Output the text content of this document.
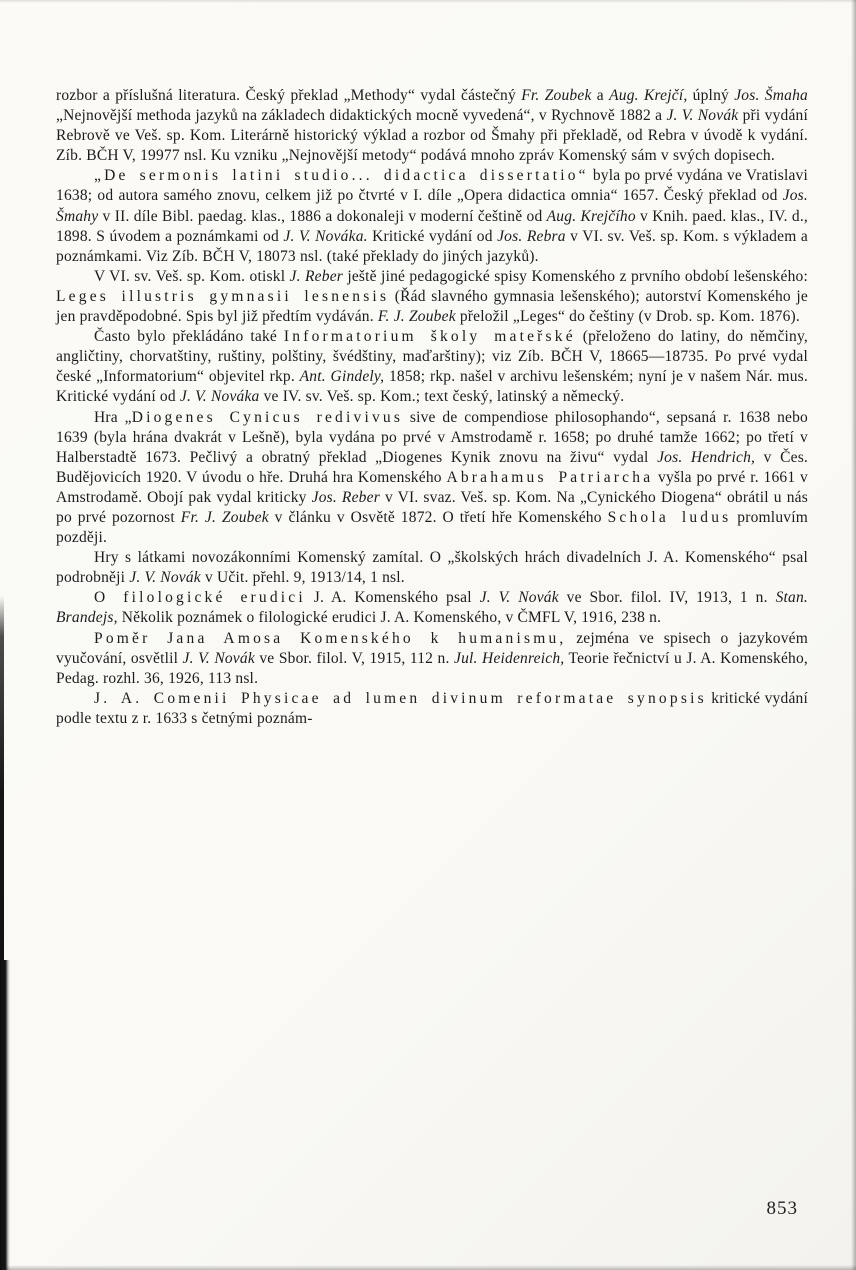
rozbor a příslušná literatura. Český překlad „Methody“ vydal částečný Fr. Zoubek a Aug. Krejčí, úplný Jos. Šmaha „Nejnovější methoda jazyků na základech didaktických mocně vyvedená“, v Rychnově 1882 a J. V. Novák při vydání Rebrově ve Veš. sp. Kom. Literárně historický výklad a rozbor od Šmahy při překladě, od Rebra v úvodě k vydání. Zíb. BČH V, 19977 nsl. Ku vzniku „Nejnovější metody“ podává mnoho zpráv Komenský sám v svých dopisech.

„De sermonis latini studio... didactica dissertatio“ byla po prvé vydána ve Vratislavi 1638; od autora samého znovu, celkem již po čtvrté v I. díle „Opera didactica omnia“ 1657. Český překlad od Jos. Šmahy v II. díle Bibl. paedag. klas., 1886 a dokonaleji v moderní češtině od Aug. Krejčího v Knih. paed. klas., IV. d., 1898. S úvodem a poznámkami od J. V. Nováka. Kritické vydání od Jos. Rebra v VI. sv. Veš. sp. Kom. s výkladem a poznámkami. Viz Zíb. BČH V, 18073 nsl. (také překlady do jiných jazyků).

V VI. sv. Veš. sp. Kom. otiskl J. Reber ještě jiné pedagogické spisy Komenského z prvního období lešenského: Leges illustris gymnasii lesnensis (Řád slavného gymnasia lešenského); autorství Komenského je jen pravděpodobné. Spis byl již předtím vydáván. F. J. Zoubek přeložil „Leges“ do češtiny (v Drob. sp. Kom. 1876).

Často bylo překládáno také Informatorium školy mateřské (přeloženo do latiny, do němčiny, angličtiny, chorvatštiny, ruštiny, polštiny, švédštiny, maďarštiny); viz Zíb. BČH V, 18665—18735. Po prvé vydal české „Informatorium“ objevitel rkp. Ant. Gindely, 1858; rkp. našel v archivu lešenském; nyní je v našem Nár. mus. Kritické vydání od J. V. Nováka ve IV. sv. Veš. sp. Kom.; text český, latinský a německý.

Hra „Diogenes Cynicus redivivus sive de compendiose philosophando“, sepsaná r. 1638 nebo 1639 (byla hrána dvakrát v Lešně), byla vydána po prvé v Amstrodamě r. 1658; po druhé tamže 1662; po třetí v Halberstadtě 1673. Pečlivý a obratný překlad „Diogenes Kynik znovu na živu“ vydal Jos. Hendrich, v Čes. Budějovicích 1920. V úvodu o hře. Druhá hra Komenského Abrahamus Patriarcha vyšla po prvé r. 1661 v Amstrodamě. Obojí pak vydal kriticky Jos. Reber v VI. svaz. Veš. sp. Kom. Na „Cynického Diogena“ obrátil u nás po prvé pozornost Fr. J. Zoubek v článku v Osvětě 1872. O třetí hře Komenského Schola ludus promluvím později.

Hry s látkami novozákonními Komenský zamítal. O „školských hrách divadelních J. A. Komenského“ psal podrobněji J. V. Novák v Učit. přehl. 9, 1913/14, 1 nsl.

O filologické erudici J. A. Komenského psal J. V. Novák ve Sbor. filol. IV, 1913, 1 n. Stan. Brandejs, Několik poznámek o filologické erudici J. A. Komenského, v ČMFL V, 1916, 238 n.

Poměr Jana Amosa Komenského k humanismu, zejména ve spisech o jazykovém vyučování, osvětlil J. V. Novák ve Sbor. filol. V, 1915, 112 n. Jul. Heidenreich, Teorie řečnictví u J. A. Komenského, Pedag. rozhl. 36, 1926, 113 nsl.

J. A. Comenii Physicae ad lumen divinum reformatae synopsis kritické vydání podle textu z r. 1633 s četnými poznám-

853
